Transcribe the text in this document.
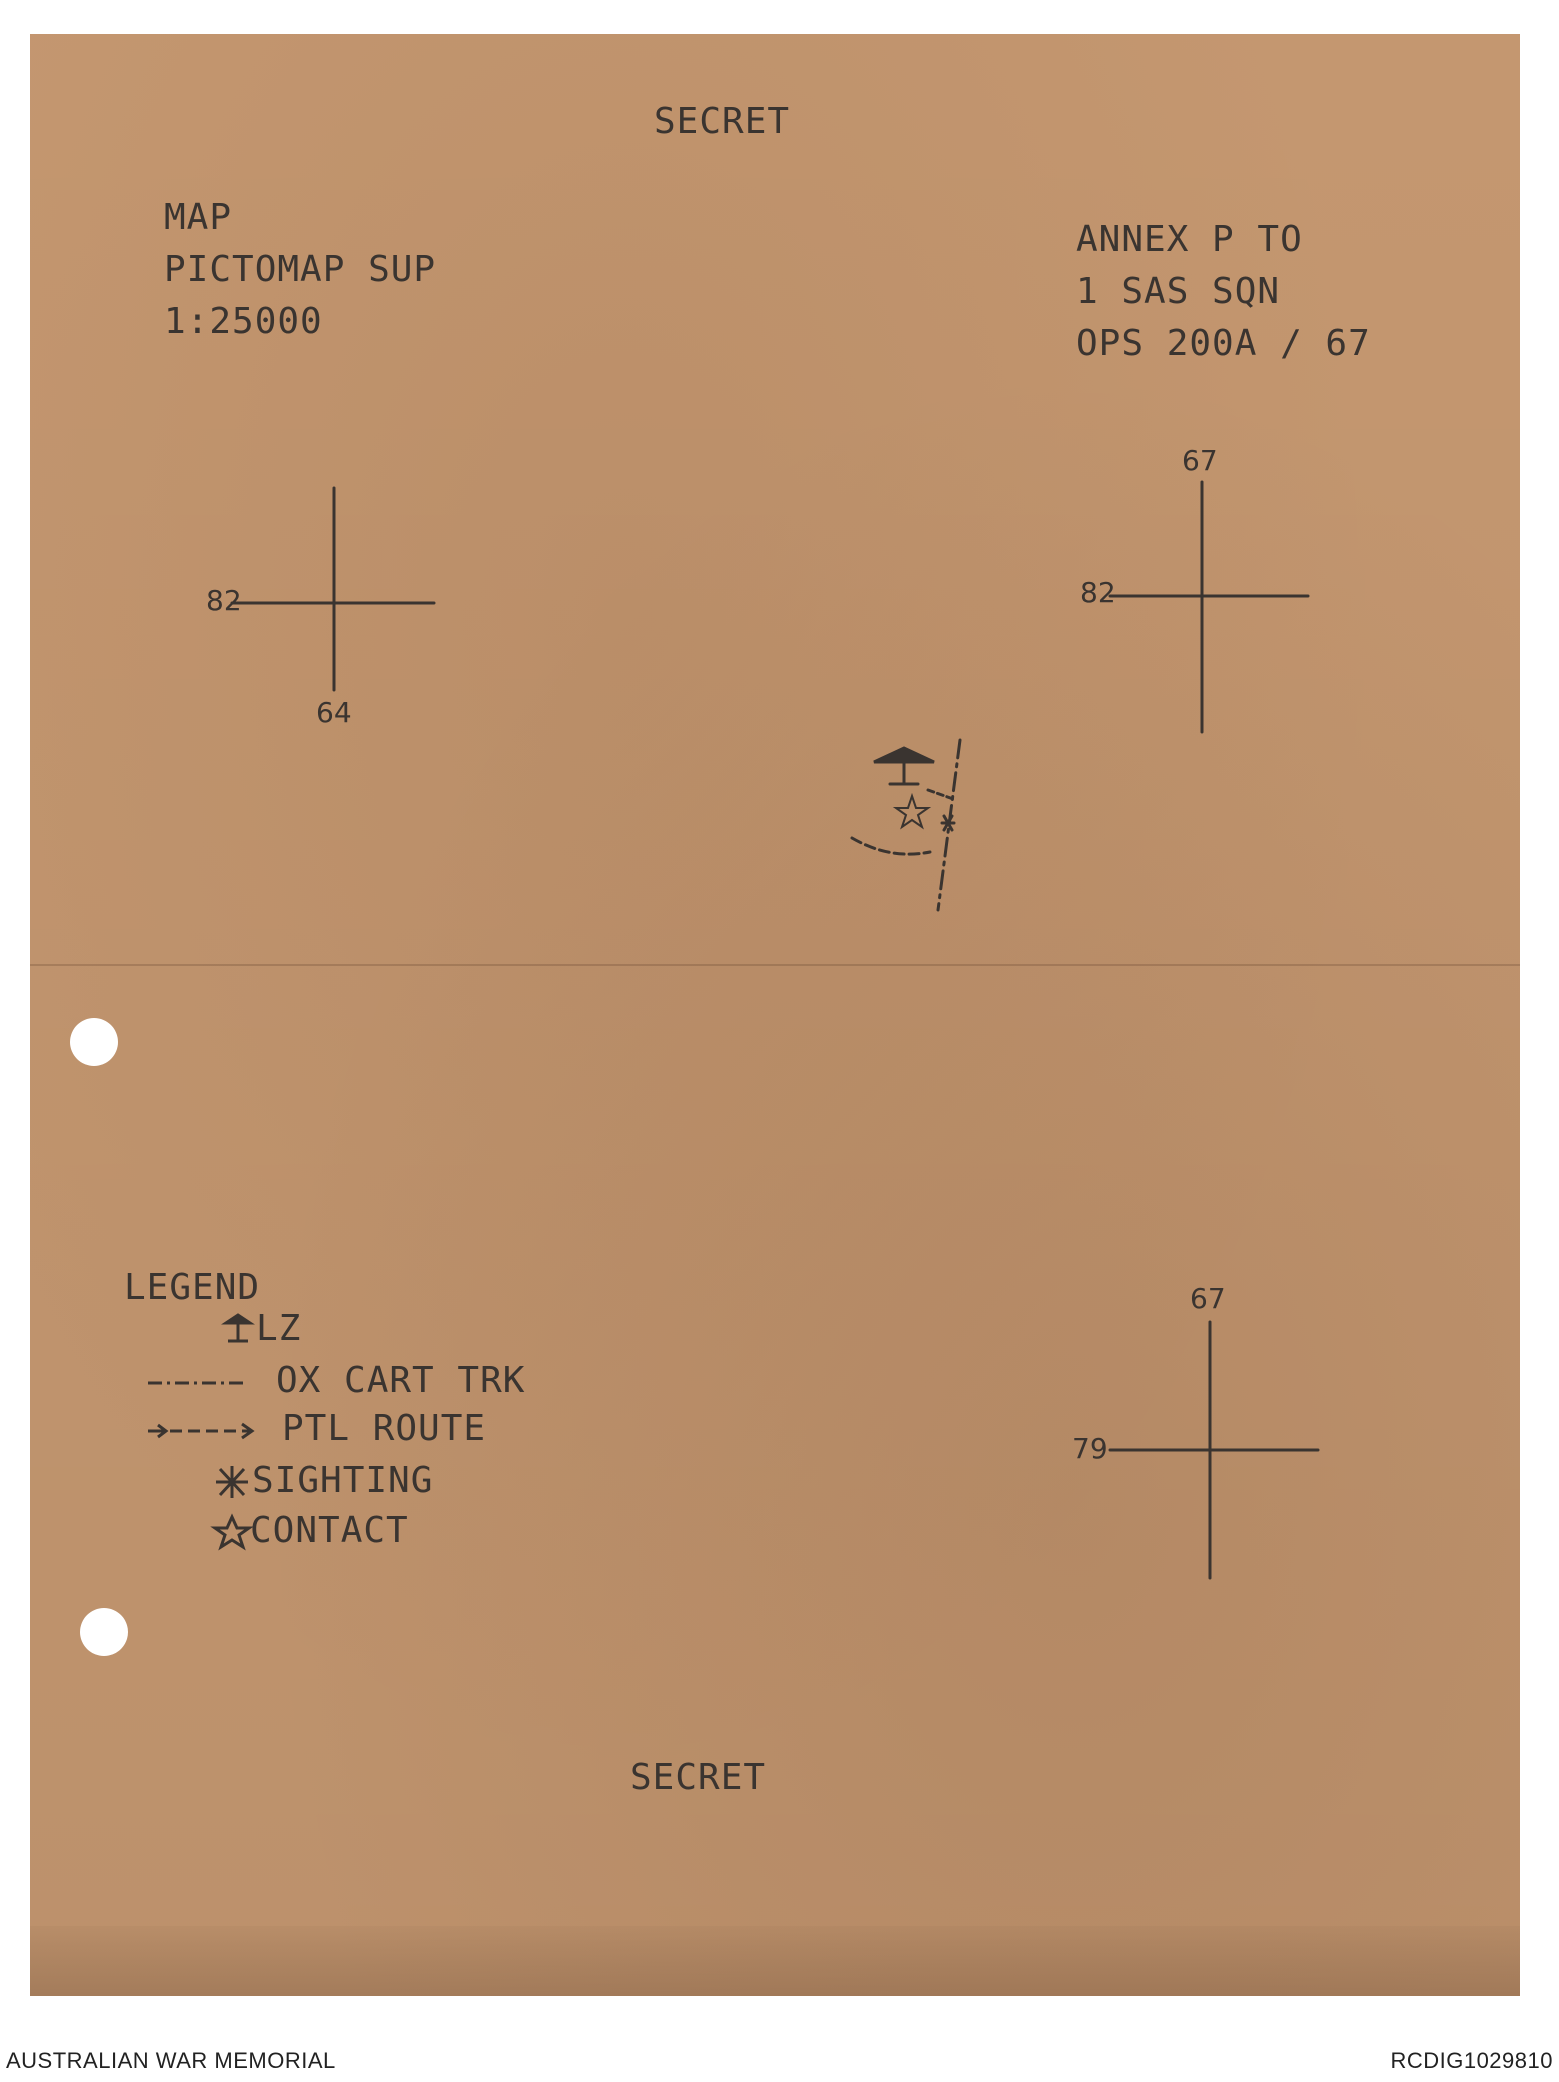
SECRET
MAP
PICTOMAP SUP
1:25000
ANNEX P TO
1 SAS SQN
OPS 200A / 67
82
64
67
82
67
79
LEGEND
LZ
OX CART TRK
PTL ROUTE
SIGHTING
CONTACT
SECRET
AUSTRALIAN WAR MEMORIAL	RCDIG1029810
